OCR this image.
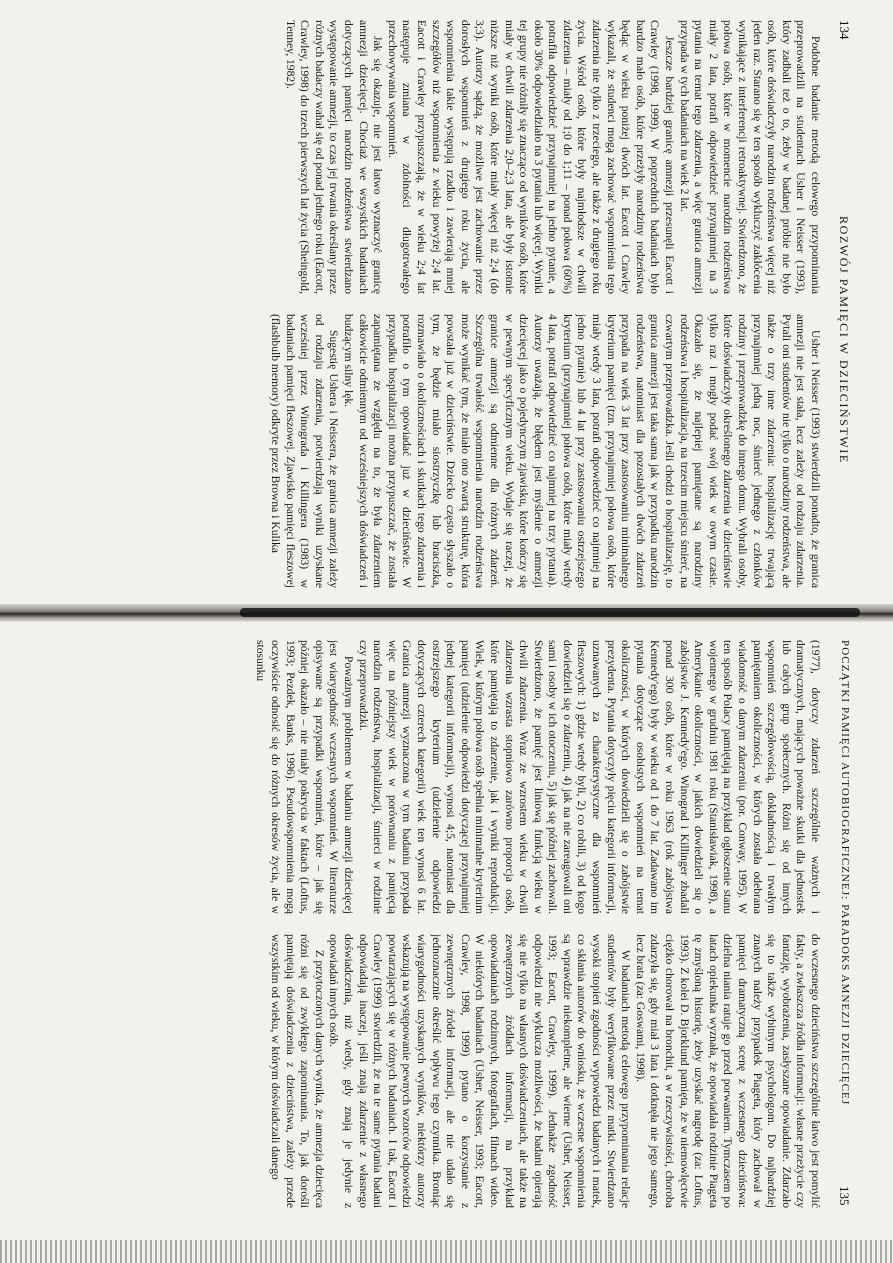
134
ROZWÓJ PAMIĘCI W DZIECIŃSTWIE

Podobne badanie metodą celowego przypominania przeprowadzili na studentach Usher i Neisser (1993), który zadbali też o to, żeby w badanej próbie nie było osób, które doświadczyły narodzin rodzeństwa więcej niż jeden raz. Starano się w ten sposób wykluczyć zakłócenia wynikające z interferencji retroaktywnej. Stwierdzono, że połowa osób, które w momencie narodzin rodzeństwa miały 2 lata, potrafi odpowiedzieć przynajmniej na 3 pytania na temat tego zdarzenia, a więc granica amnezji przypada w tych badaniach na wiek 2 lat.

Jeszcze bardziej granicę amnezji przesunęli Eacott i Crawley (1998, 1999). W poprzednich badaniach było bardzo mało osób, które przeżyły narodziny rodzeństwa będąc w wieku poniżej dwóch lat. Eacott i Crawley wykazali, że studenci mogą zachować wspomnienia tego zdarzenia nie tylko z trzeciego, ale także z drugiego roku życia. Wśród osób, które były najmłodsze w chwili zdarzenia – miały od 1;0 do 1;11 – ponad połowa (60%) potrafiła odpowiedzieć przynajmniej na jedno pytanie, a około 30% odpowiedziało na 3 pytania lub więcej. Wyniki tej grupy nie różniły się znacząco od wyników osób, które miały w chwili zdarzenia 2;0–2;3 lata, ale były istotnie niższe niż wyniki osób, które miały więcej niż 2;4 (do 3;3). Autorzy sądzą, że możliwe jest zachowanie przez dorosłych wspomnień z drugiego roku życia, ale wspomnienia takie występują rzadko i zawierają mniej szczegółów niż wspomnienia z wieku powyżej 2;4 lat. Eacott i Crawley przypuszczają, że w wieku 2;4 lat następuje zmiana w zdolności długotrwałego przechowywania wspomnień.

Jak się okazuje, nie jest łatwo wyznaczyć granicę amnezji dziecięcej. Chociaż we wszystkich badaniach dotyczących pamięci narodzin rodzeństwa stwierdzano występowanie amnezji, to czas jej trwania określany przez różnych badaczy wahał się od ponad jednego roku (Eacott, Crawley, 1998) do trzech pierwszych lat życia (Sheingold, Tenney, 1982).

Usher i Neisser (1993) stwierdzili ponadto, że granica amnezji nie jest stała, lecz zależy od rodzaju zdarzenia. Pytali oni studentów nie tylko o narodziny rodzeństwa, ale także o trzy inne zdarzenia: hospitalizację trwającą przynajmniej jedną noc, śmierć jednego z członków rodziny i przeprowadzkę do innego domu. Wybrali osoby, które doświadczyły określonego zdarzenia w dzieciństwie tylko raz i mogły podać swój wiek w owym czasie. Okazało się, że najlepiej pamiętane są narodziny rodzeństwa i hospitalizacja, na trzecim miejscu śmierć, na czwartym przeprowadzka. Jeśli chodzi o hospitalizację, to granica amnezji jest taka sama jak w przypadku narodzin rodzeństwa, natomiast dla pozostałych dwóch zdarzeń przypada na wiek 3 lat przy zastosowaniu minimalnego kryterium pamięci (tzn. przynajmniej połowa osób, które miały wtedy 3 lata, potrafi odpowiedzieć co najmniej na jedno pytanie) lub 4 lat przy zastosowaniu ostrzejszego kryterium (przynajmniej połowa osób, które miały wtedy 4 lata, potrafi odpowiedzieć co najmniej na trzy pytania). Autorzy uważają, że błędem jest myślenie o amnezji dziecięcej jako o pojedynczym zjawisku, które kończy się w pewnym specyficznym wieku. Wydaje się raczej, że granice amnezji są odmienne dla różnych zdarzeń. Szczególna trwałość wspomnienia narodzin rodzeństwa może wynikać tym, że miało ono zwartą strukturę, która powstała już w dzieciństwie. Dziecko często słyszało o tym, że będzie miało siostrzyczkę lub braciszka, rozmawiało o okolicznościach i skutkach tego zdarzenia i potrafiło o tym opowiadać już w dzieciństwie. W przypadku hospitalizacji można przypuszczać, że została zapamiętana ze względu na to, że była zdarzeniem całkowicie odmiennym od wcześniejszych doświadczeń i budzącym silny lęk.

Sugestię Ushera i Neissera, że granica amnezji zależy od rodzaju zdarzenia, potwierdzają wyniki uzyskane wcześniej przez Winograda i Killingera (1983) w badaniach pamięci fleszowej. Zjawisko pamięci fleszowej (flashbulb memory) odkryte przez Browna i Kulika

POCZĄTKI PAMIĘCI AUTOBIOGRAFICZNEJ: PARADOKS AMNEZJI DZIECIĘCEJ
135

(1977), dotyczy zdarzeń szczególnie ważnych i dramatycznych, mających poważne skutki dla jednostek lub całych grup społecznych. Różni się od innych wspomnień szczegółowością, dokładnością i trwałym pamiętaniem okoliczności, w których została odebrana wiadomość o danym zdarzeniu (por. Conway, 1995). W ten sposób Polacy pamiętają na przykład ogłoszenie stanu wojennego w grudniu 1981 roku (Stanisławiak, 1998), a Amerykanie okoliczności, w jakich dowiedzieli się o zabójstwie J. Kennedy'ego. Winograd i Killinger zbadali ponad 300 osób, które w roku 1963 (rok zabójstwa Kennedy'ego) były w wieku od 1 do 7 lat. Zadawano im pytania dotyczące osobistych wspomnień na temat okoliczności, w których dowiedzieli się o zabójstwie prezydenta. Pytania dotyczyły pięciu kategorii informacji, uznawanych za charakterystyczne dla wspomnień fleszowych: 1) gdzie wtedy byli, 2) co robili, 3) od kogo dowiedzieli się o zdarzeniu, 4) jak na nie zareagowali oni sami i osoby w ich otoczeniu, 5) jak się później zachowali. Stwierdzono, że pamięć jest liniową funkcją wieku w chwili zdarzenia. Wraz ze wzrostem wieku w chwili zdarzenia wzrasta stopniowo zarówno proporcja osób, które pamiętają to zdarzenie, jak i wyniki reprodukcji. Wiek, w którym połowa osób spełnia minimalne kryterium pamięci (udzielenie odpowiedzi dotyczącej przynajmniej jednej kategorii informacji), wynosi 4;5, natomiast dla ostrzejszego kryterium (udzielenie odpowiedzi dotyczących czterech kategorii) wiek ten wynosi 6 lat. Granica amnezji wyznaczona w tym badaniu przypada więc na późniejszy wiek w porównaniu z pamięcią narodzin rodzeństwa, hospitalizacji, śmierci w rodzinie czy przeprowadzki.

Poważnym problemem w badaniu amnezji dziecięcej jest wiarygodność wczesnych wspomnień. W literaturze opisywane są przypadki wspomnień, które – jak się później okazało – nie miały pokrycia w faktach (Loftus, 1993; Pezdek, Banks, 1996). Pseudowspomnienia mogą oczywiście odnosić się do różnych okresów życia, ale w stosunku

do wczesnego dzieciństwa szczególnie łatwo jest pomylić fakty, a zwłaszcza źródła informacji: własne przeżycie czy fantazję, wyobrażenia, zasłyszane opowiadanie. Zdarzało się to także wybitnym psychologom. Do najbardziej znanych należy przypadek Piageta, który zachował w pamięci dramatyczną scenę z wczesnego dzieciństwa: dzielna niania ratuje go przed porwaniem. Tymczasem po latach opiekunka wyznała, że opowiadała rodzinie Piageta tę zmyśloną historię, żeby uzyskać nagrodę (za: Loftus, 1993). Z kolei D. Bjorklund pamięta, że w niemowlęctwie ciężko chorował na bronchit, a w rzeczywistości, chorobа zdarzyła się, gdy miał 3 lata i dotknęła nie jego samego, lecz brata (za: Goswami, 1998).

W badaniach metodą celowego przypominania relacje studentów były weryfikowane przez matki. Stwierdzano wysoki stopień zgodności wypowiedzi badanych i matek, co skłania autorów do wniosku, że wczesne wspomnienia są wprawdzie niekompletne, ale wierne (Usher, Neisser, 1993; Eacott, Crawley, 1999). Jednakże zgodność odpowiedzi nie wyklucza możliwości, że badani opierają się nie tylko na własnych doświadczeniach, ale także na zewnętrznych źródłach informacji, na przykład opowiadaniach rodzinnych, fotografiach, filmach wideo. W niektórych badaniach (Usher, Neisser, 1993; Eacott, Crawley, 1998, 1999) pytano o korzystanie z zewnętrznych źródeł informacji, ale nie udało się jednoznacznie określić wpływu tego czynnika. Broniąc wiarygodności uzyskanych wyników, niektórzy autorzy wskazują na występowanie pewnych wzorców odpowiedzi powtarzających się w różnych badaniach. I tak, Eacott i Crawley (1999) stwierdzili, że na te same pytania badani odpowiadają inaczej, jeśli znają zdarzenie z własnego doświadczenia, niż wtedy, gdy znają je jedynie z opowiadań innych osób.

Z przytoczonych danych wynika, że amnezja dziecięca różni się od zwykłego zapominania. To, jak dorośli pamiętają doświadczenia z dzieciństwa, zależy przede wszystkim od wieku, w którym doświadczali danego
